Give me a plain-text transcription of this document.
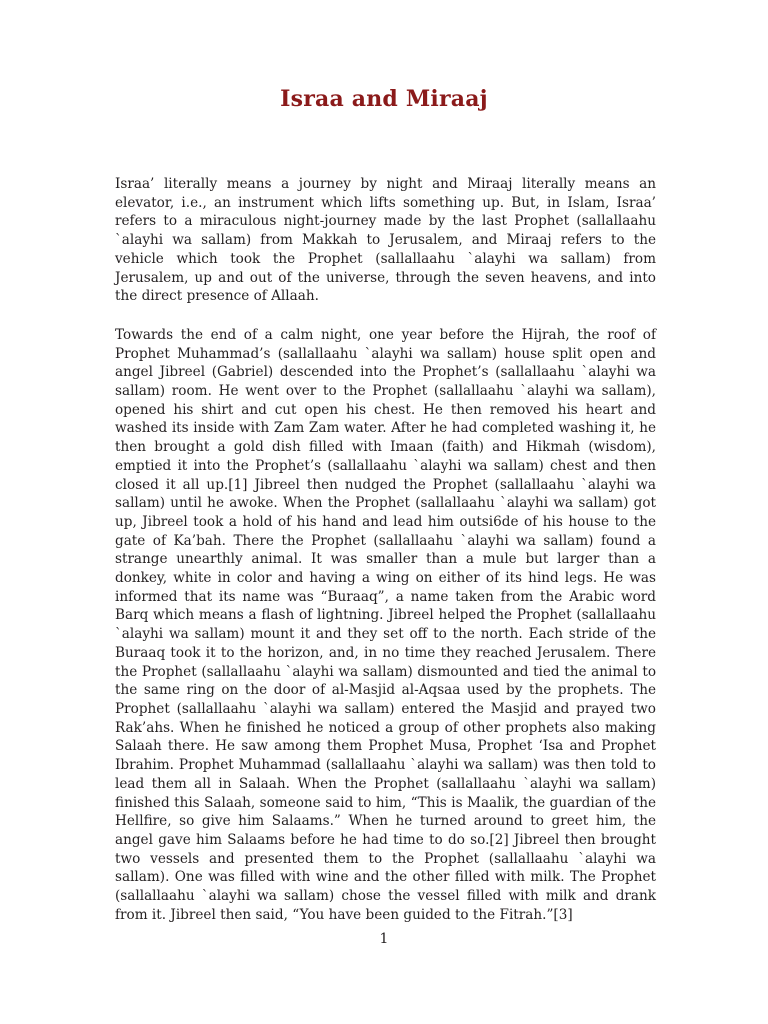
Israa and Miraaj

Israa’ literally means a journey by night and Miraaj literally means an elevator, i.e., an instrument which lifts something up. But, in Islam, Israa’ refers to a miraculous night-journey made by the last Prophet (sallallaahu `alayhi wa sallam) from Makkah to Jerusalem, and Miraaj refers to the vehicle which took the Prophet (sallallaahu `alayhi wa sallam) from Jerusalem, up and out of the universe, through the seven heavens, and into the direct presence of Allaah.

Towards the end of a calm night, one year before the Hijrah, the roof of Prophet Muhammad’s (sallallaahu `alayhi wa sallam) house split open and angel Jibreel (Gabriel) descended into the Prophet’s (sallallaahu `alayhi wa sallam) room. He went over to the Prophet (sallallaahu `alayhi wa sallam), opened his shirt and cut open his chest. He then removed his heart and washed its inside with Zam Zam water. After he had completed washing it, he then brought a gold dish filled with Imaan (faith) and Hikmah (wisdom), emptied it into the Prophet’s (sallallaahu `alayhi wa sallam) chest and then closed it all up.[1] Jibreel then nudged the Prophet (sallallaahu `alayhi wa sallam) until he awoke. When the Prophet (sallallaahu `alayhi wa sallam) got up, Jibreel took a hold of his hand and lead him outsi6de of his house to the gate of Ka’bah. There the Prophet (sallallaahu `alayhi wa sallam) found a strange unearthly animal. It was smaller than a mule but larger than a donkey, white in color and having a wing on either of its hind legs. He was informed that its name was “Buraaq”, a name taken from the Arabic word Barq which means a flash of lightning. Jibreel helped the Prophet (sallallaahu `alayhi wa sallam) mount it and they set off to the north. Each stride of the Buraaq took it to the horizon, and, in no time they reached Jerusalem. There the Prophet (sallallaahu `alayhi wa sallam) dismounted and tied the animal to the same ring on the door of al-Masjid al-Aqsaa used by the prophets. The Prophet (sallallaahu `alayhi wa sallam) entered the Masjid and prayed two Rak’ahs. When he finished he noticed a group of other prophets also making Salaah there. He saw among them Prophet Musa, Prophet ‘Isa and Prophet Ibrahim. Prophet Muhammad (sallallaahu `alayhi wa sallam) was then told to lead them all in Salaah. When the Prophet (sallallaahu `alayhi wa sallam) finished this Salaah, someone said to him, “This is Maalik, the guardian of the Hellfire, so give him Salaams.” When he turned around to greet him, the angel gave him Salaams before he had time to do so.[2] Jibreel then brought two vessels and presented them to the Prophet (sallallaahu `alayhi wa sallam). One was filled with wine and the other filled with milk. The Prophet (sallallaahu `alayhi wa sallam) chose the vessel filled with milk and drank from it. Jibreel then said, “You have been guided to the Fitrah.”[3]

1
